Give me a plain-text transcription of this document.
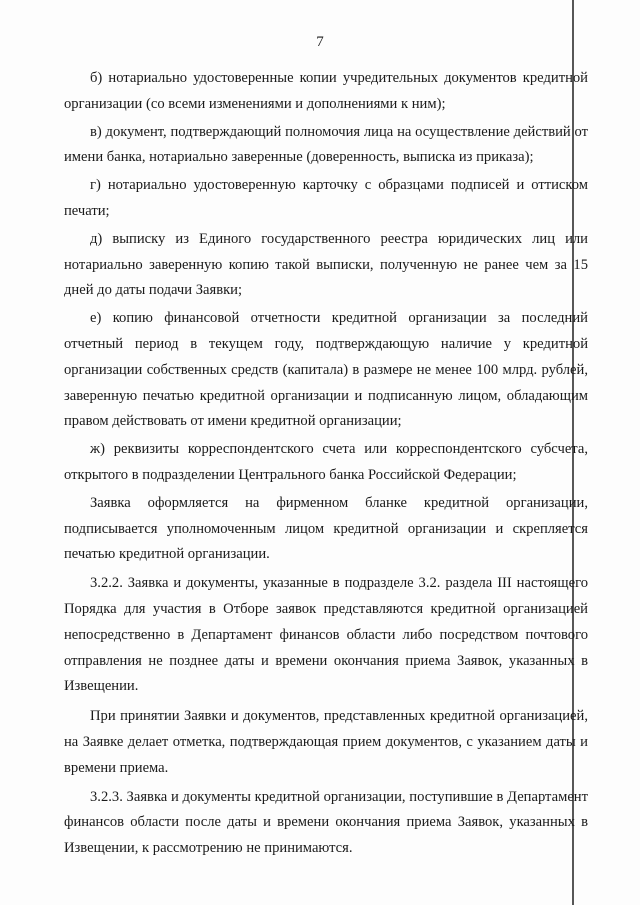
7

б) нотариально удостоверенные копии учредительных документов кредитной организации (со всеми изменениями и дополнениями к ним);

в) документ, подтверждающий полномочия лица на осуществление действий от имени банка, нотариально заверенные (доверенность, выписка из приказа);

г) нотариально удостоверенную карточку с образцами подписей и оттиском печати;

д) выписку из Единого государственного реестра юридических лиц или нотариально заверенную копию такой выписки, полученную не ранее чем за 15 дней до даты подачи Заявки;

е) копию финансовой отчетности кредитной организации за последний отчетный период в текущем году, подтверждающую наличие у кредитной организации собственных средств (капитала) в размере не менее 100 млрд. рублей, заверенную печатью кредитной организации и подписанную лицом, обладающим правом действовать от имени кредитной организации;

ж) реквизиты корреспондентского счета или корреспондентского субсчета, открытого в подразделении Центрального банка Российской Федерации;

Заявка оформляется на фирменном бланке кредитной организации, подписывается уполномоченным лицом кредитной организации и скрепляется печатью кредитной организации.

3.2.2. Заявка и документы, указанные в подразделе 3.2. раздела III настоящего Порядка для участия в Отборе заявок представляются кредитной организацией непосредственно в Департамент финансов области либо посредством почтового отправления не позднее даты и времени окончания приема Заявок, указанных в Извещении.

При принятии Заявки и документов, представленных кредитной организацией, на Заявке делает отметка, подтверждающая прием документов, с указанием даты и времени приема.

3.2.3. Заявка и документы кредитной организации, поступившие в Департамент финансов области после даты и времени окончания приема Заявок, указанных в Извещении, к рассмотрению не принимаются.
